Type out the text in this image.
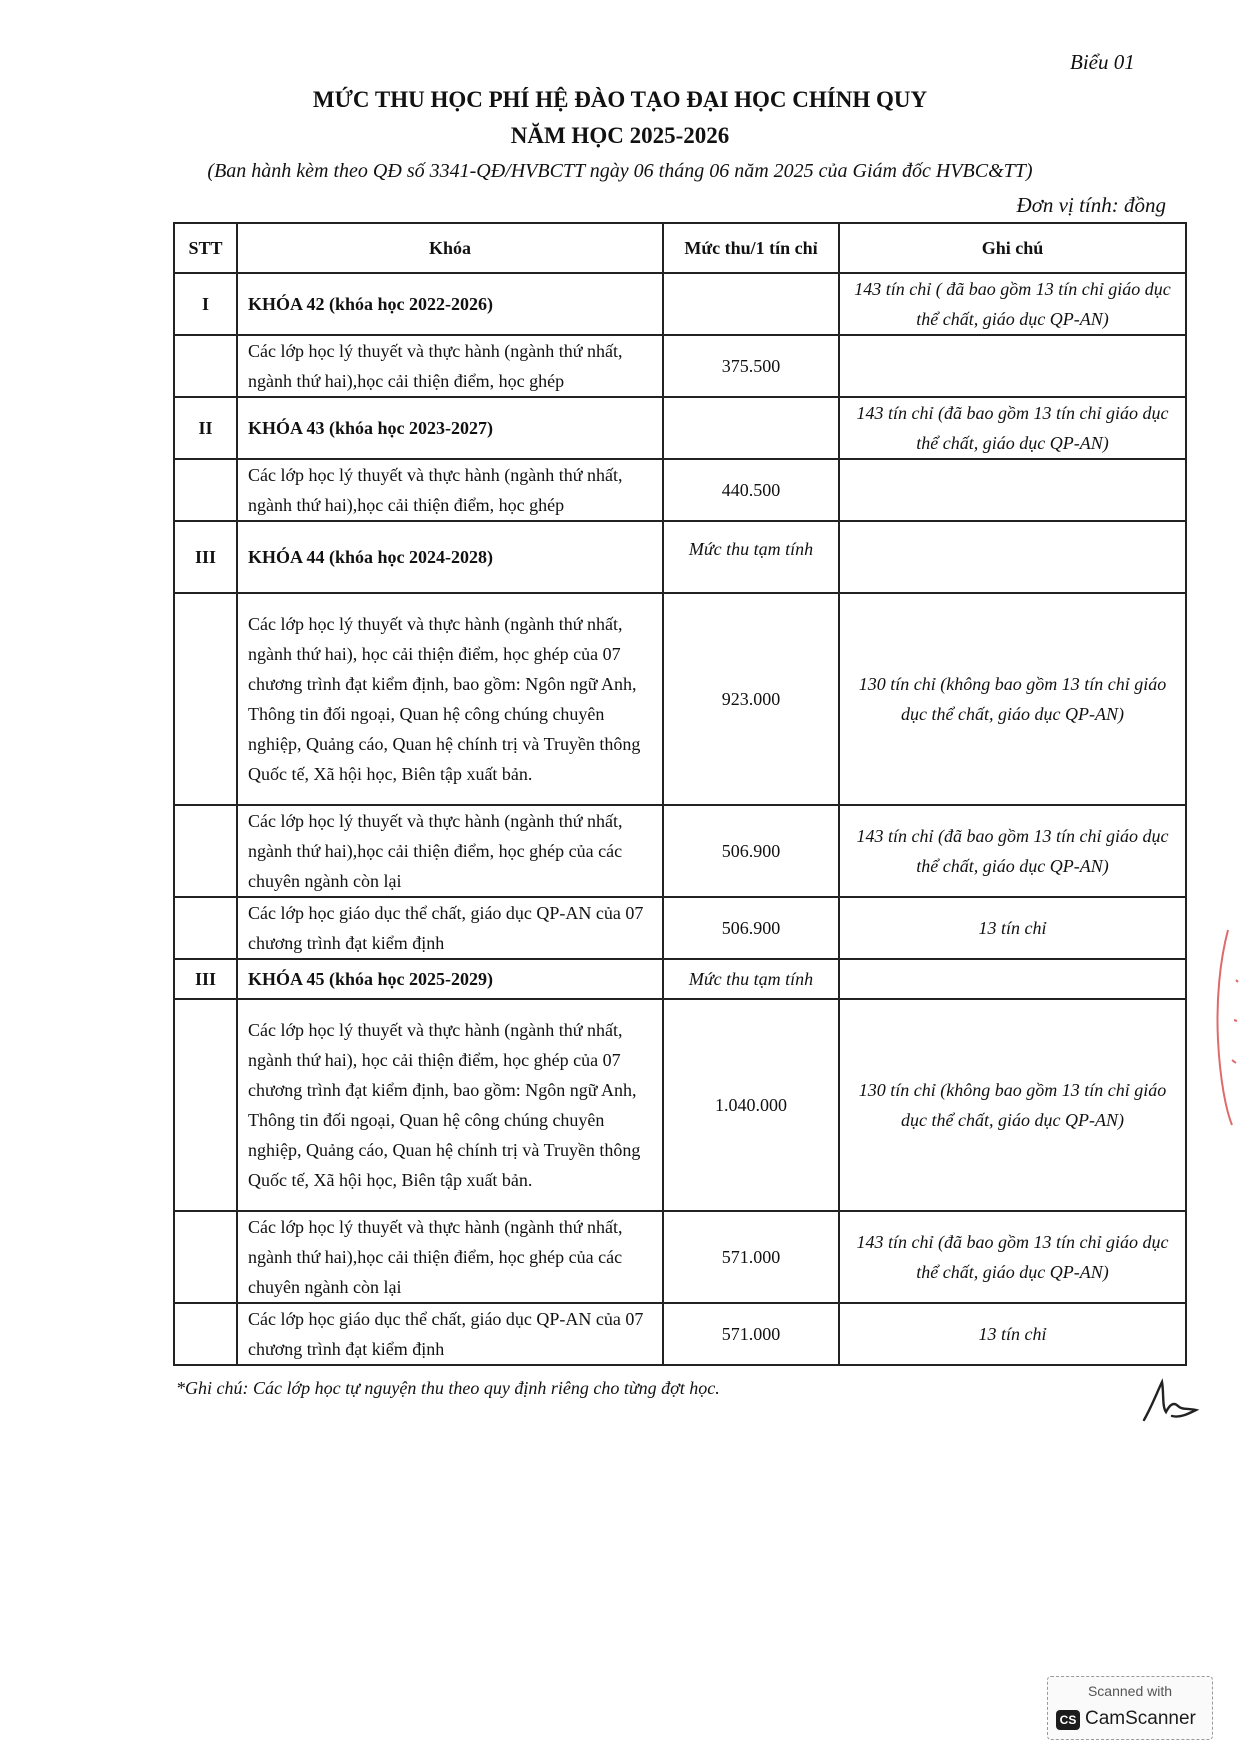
Biểu 01
MỨC THU HỌC PHÍ HỆ ĐÀO TẠO ĐẠI HỌC CHÍNH QUY
NĂM HỌC 2025-2026
(Ban hành kèm theo QĐ số 3341-QĐ/HVBCTT ngày 06 tháng 06 năm 2025 của Giám đốc HVBC&TT)
Đơn vị tính: đồng
STT	Khóa	Mức thu/1 tín chỉ	Ghi chú
I	KHÓA 42 (khóa học 2022-2026)		143 tín chỉ ( đã bao gồm 13 tín chỉ giáo dục thể chất, giáo dục QP-AN)
	Các lớp học lý thuyết và thực hành (ngành thứ nhất, ngành thứ hai),học cải thiện điểm, học ghép	375.500	
II	KHÓA 43 (khóa học 2023-2027)		143 tín chỉ (đã bao gồm 13 tín chỉ giáo dục thể chất, giáo dục QP-AN)
	Các lớp học lý thuyết và thực hành (ngành thứ nhất, ngành thứ hai),học cải thiện điểm, học ghép	440.500	
III	KHÓA 44 (khóa học 2024-2028)	Mức thu tạm tính	
	Các lớp học lý thuyết và thực hành (ngành thứ nhất, ngành thứ hai), học cải thiện điểm, học ghép của 07 chương trình đạt kiểm định, bao gồm: Ngôn ngữ Anh, Thông tin đối ngoại, Quan hệ công chúng chuyên nghiệp, Quảng cáo, Quan hệ chính trị và Truyền thông Quốc tế, Xã hội học, Biên tập xuất bản.	923.000	130 tín chỉ (không bao gồm 13 tín chỉ giáo dục thể chất, giáo dục QP-AN)
	Các lớp học lý thuyết và thực hành (ngành thứ nhất, ngành thứ hai),học cải thiện điểm, học ghép của các chuyên ngành còn lại	506.900	143 tín chỉ (đã bao gồm 13 tín chỉ giáo dục thể chất, giáo dục QP-AN)
	Các lớp học giáo dục thể chất, giáo dục QP-AN của 07 chương trình đạt kiểm định	506.900	13 tín chỉ
III	KHÓA 45 (khóa học 2025-2029)	Mức thu tạm tính	
	Các lớp học lý thuyết và thực hành (ngành thứ nhất, ngành thứ hai), học cải thiện điểm, học ghép của 07 chương trình đạt kiểm định, bao gồm: Ngôn ngữ Anh, Thông tin đối ngoại, Quan hệ công chúng chuyên nghiệp, Quảng cáo, Quan hệ chính trị và Truyền thông Quốc tế, Xã hội học, Biên tập xuất bản.	1.040.000	130 tín chỉ (không bao gồm 13 tín chỉ giáo dục thể chất, giáo dục QP-AN)
	Các lớp học lý thuyết và thực hành (ngành thứ nhất, ngành thứ hai),học cải thiện điểm, học ghép của các chuyên ngành còn lại	571.000	143 tín chỉ (đã bao gồm 13 tín chỉ giáo dục thể chất, giáo dục QP-AN)
	Các lớp học giáo dục thể chất, giáo dục QP-AN của 07 chương trình đạt kiểm định	571.000	13 tín chỉ
*Ghi chú: Các lớp học tự nguyện thu theo quy định riêng cho từng đợt học.
Scanned with
CS CamScanner
